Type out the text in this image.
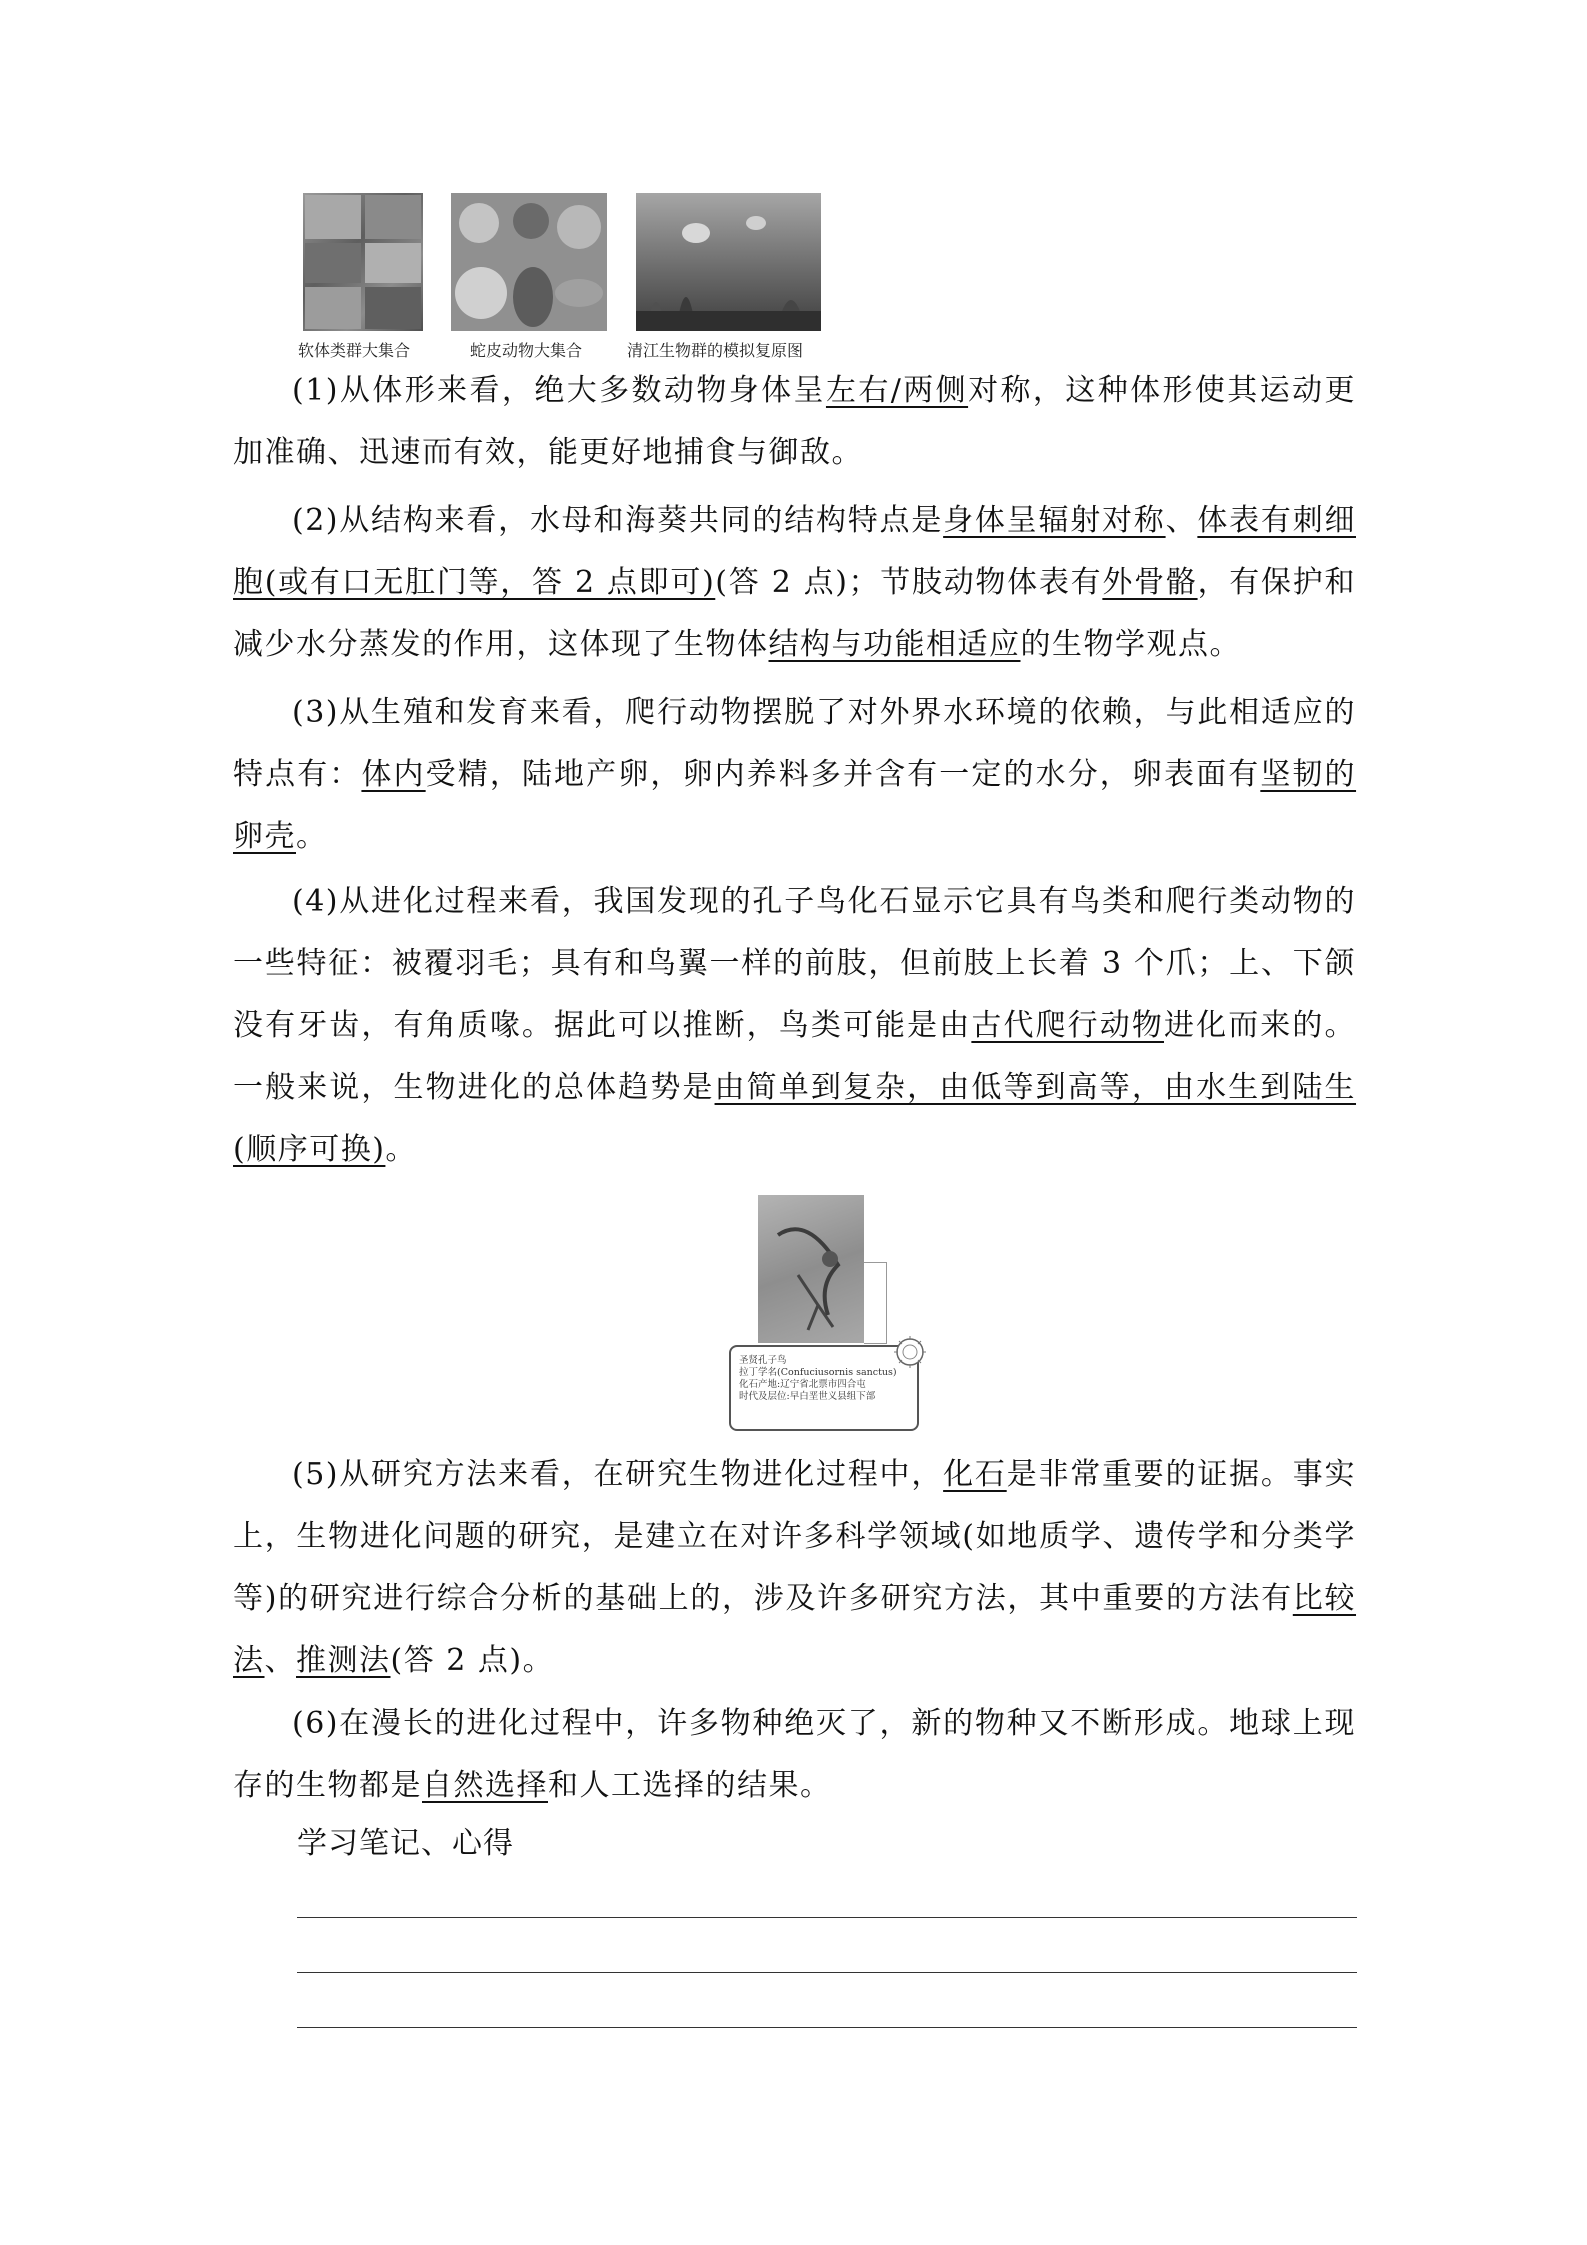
软体类群大集合	蛇皮动物大集合	清江生物群的模拟复原图

(1)从体形来看，绝大多数动物身体呈左右/两侧对称，这种体形使其运动更加准确、迅速而有效，能更好地捕食与御敌。

(2)从结构来看，水母和海葵共同的结构特点是身体呈辐射对称、体表有刺细胞(或有口无肛门等，答 2 点即可)(答 2 点)；节肢动物体表有外骨骼，有保护和减少水分蒸发的作用，这体现了生物体结构与功能相适应的生物学观点。

(3)从生殖和发育来看，爬行动物摆脱了对外界水环境的依赖，与此相适应的特点有：体内受精，陆地产卵，卵内养料多并含有一定的水分，卵表面有坚韧的卵壳。

(4)从进化过程来看，我国发现的孔子鸟化石显示它具有鸟类和爬行类动物的一些特征：被覆羽毛；具有和鸟翼一样的前肢，但前肢上长着 3 个爪；上、下颌没有牙齿，有角质喙。据此可以推断，鸟类可能是由古代爬行动物进化而来的。一般来说，生物进化的总体趋势是由简单到复杂，由低等到高等，由水生到陆生(顺序可换)。

圣贤孔子鸟
拉丁学名(Confuciusornis sanctus)
化石产地:辽宁省北票市四合屯
时代及层位:早白垩世义县组下部

(5)从研究方法来看，在研究生物进化过程中，化石是非常重要的证据。事实上，生物进化问题的研究，是建立在对许多科学领域(如地质学、遗传学和分类学等)的研究进行综合分析的基础上的，涉及许多研究方法，其中重要的方法有比较法、推测法(答 2 点)。

(6)在漫长的进化过程中，许多物种绝灭了，新的物种又不断形成。地球上现存的生物都是自然选择和人工选择的结果。

学习笔记、心得
